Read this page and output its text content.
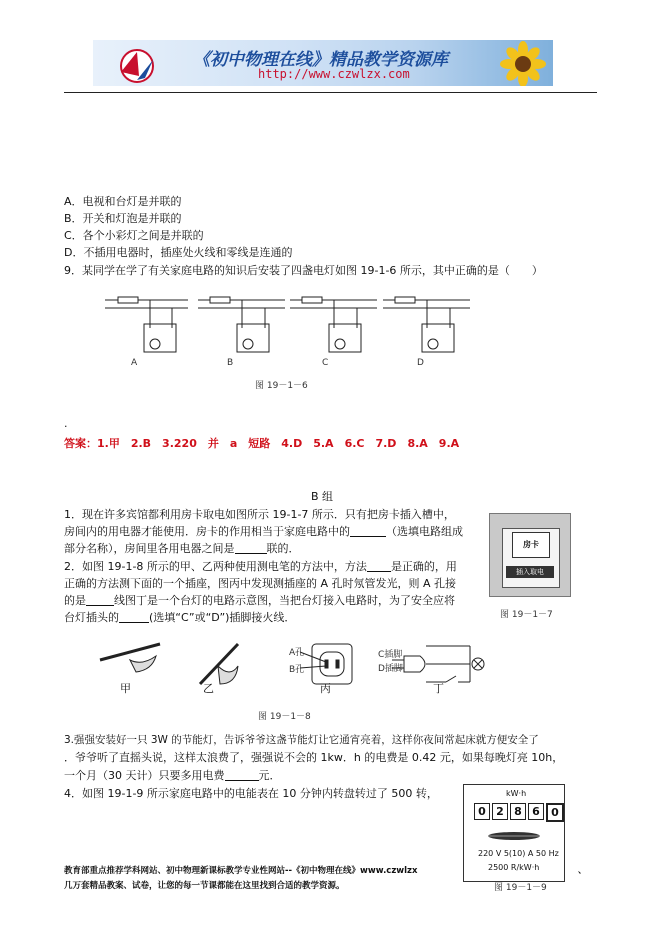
《初中物理在线》精品教学资源库
http://www.czwlzx.com
A．电视和台灯是并联的
B．开关和灯泡是并联的
C．各个小彩灯之间是并联的
D．不插用电器时，插座处火线和零线是连通的
9．某同学在学了有关家庭电路的知识后安装了四盏电灯如图 19-1-6 所示，其中正确的是（　　）
A	B	C	D
图 19－1－6
.
答案：1.甲　2.B　3.220　并　a　短路　4.D　5.A　6.C　7.D　8.A　9.A
B 组
1．现在许多宾馆都利用房卡取电如图所示 19-1-7 所示．只有把房卡插入槽中，
房间内的用电器才能使用．房卡的作用相当于家庭电路中的	（选填电路组成
部分名称），房间里各用电器之间是	联的．
2．如图 19-1-8 所示的甲、乙两种使用测电笔的方法中，方法 是正确的，用
正确的方法测下面的一个插座，图丙中发现测插座的 A 孔时氖管发光，则 A 孔接
的是	线图丁是一个台灯的电路示意图，当把台灯接入电路时，为了安全应将
台灯插头的	(选填“C”或“D”)插脚接火线．
房卡
插入取电
图 19－1－7
A孔
B孔
C插脚
D插脚
甲	乙	丙	丁
图 19－1－8
3.强强安装好一只 3W 的节能灯，告诉爷爷这盏节能灯让它通宵亮着，这样你夜间常起床就方便安全了
．爷爷听了直摇头说，这样太浪费了，强强说不会的 1kw．h 的电费是 0.42 元，如果每晚灯亮 10h，
一个月（30 天计）只要多用电费	元．
4．如图 19-1-9 所示家庭电路中的电能表在 10 分钟内转盘转过了 500 转，	kW·h
0 2 8 6	0
220 V 5(10) A 50 Hz
2500 R/kW·h
图 19－1－9
教育部重点推荐学科网站、初中物理新课标教学专业性网站--《初中物理在线》www.czwlzx	、
几万套精品教案、试卷，让您的每一节课都能在这里找到合适的教学资源。
